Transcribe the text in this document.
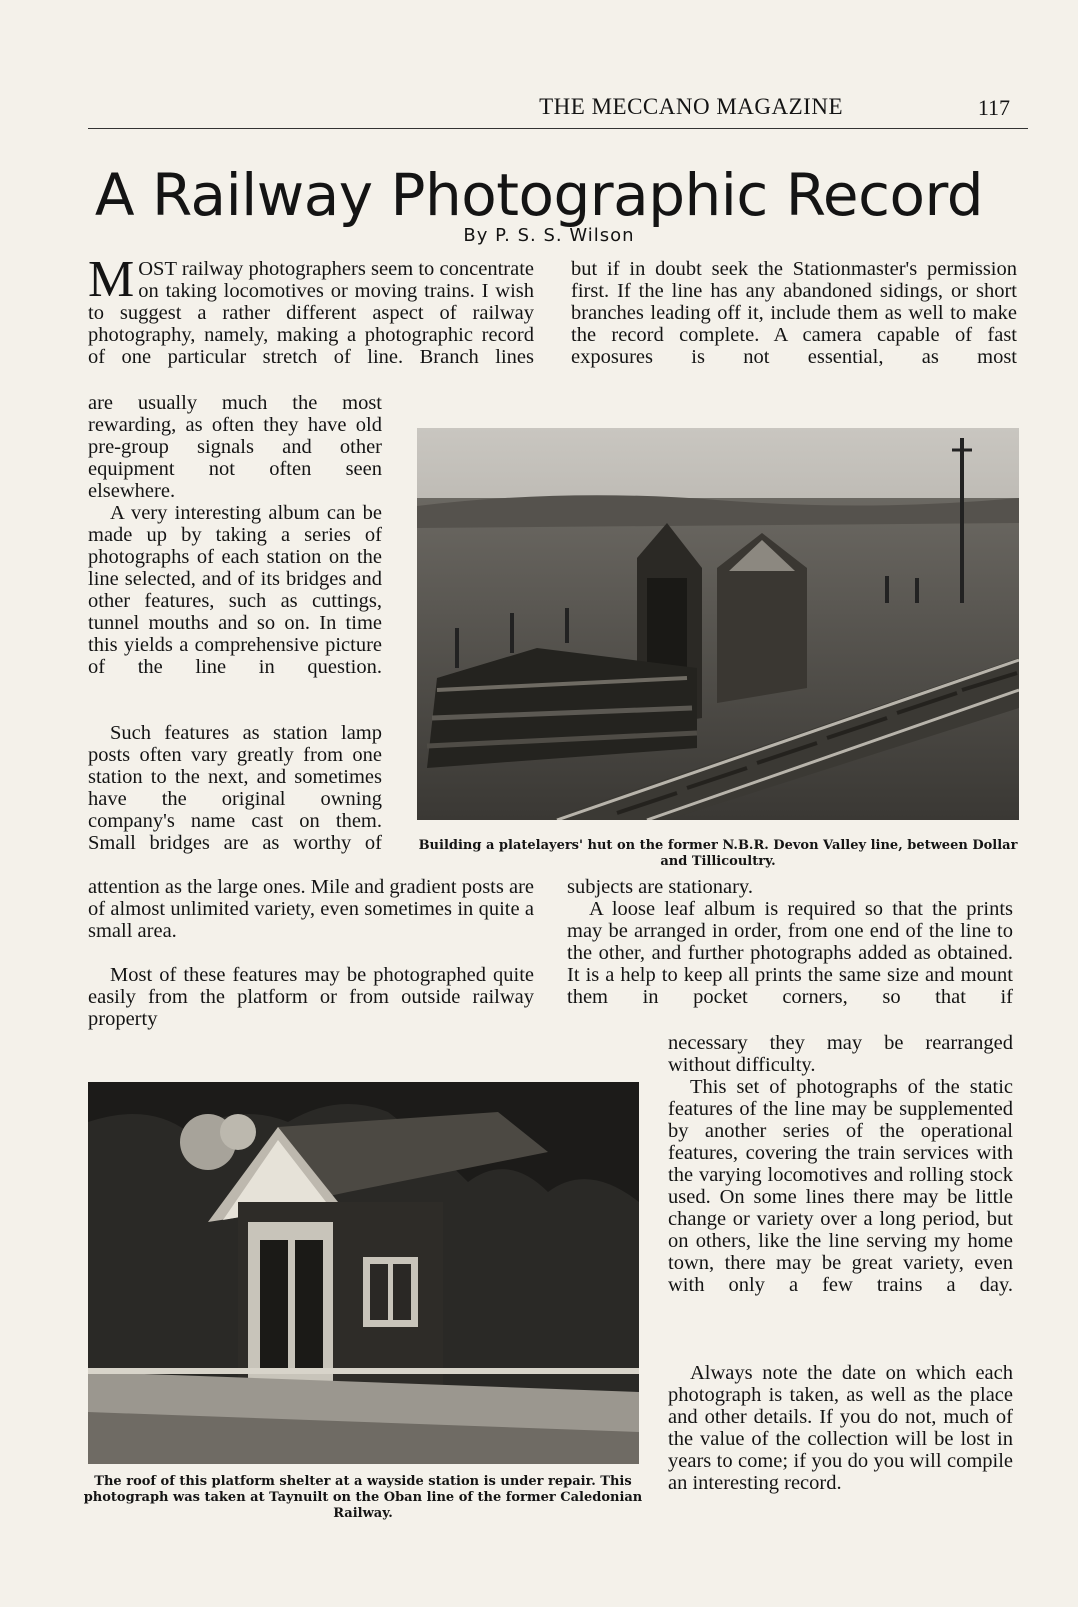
THE MECCANO MAGAZINE	117
A Railway Photographic Record
By P. S. S. Wilson

MOST railway photographers seem to concentrate on taking locomotives or moving trains. I wish to suggest a rather different aspect of railway photography, namely, making a photographic record of one particular stretch of line. Branch lines

are usually much the most rewarding, as often they have old pre-group signals and other equipment not often seen elsewhere.

A very interesting album can be made up by taking a series of photographs of each station on the line selected, and of its bridges and other features, such as cuttings, tunnel mouths and so on. In time this yields a comprehensive picture of the line in question.

Such features as station lamp posts often vary greatly from one station to the next, and sometimes have the original owning company's name cast on them. Small bridges are as worthy of

attention as the large ones. Mile and gradient posts are of almost unlimited variety, even sometimes in quite a small area.

Most of these features may be photographed quite easily from the platform or from outside railway property

but if in doubt seek the Stationmaster's permission first. If the line has any abandoned sidings, or short branches leading off it, include them as well to make the record complete. A camera capable of fast exposures is not essential, as most

subjects are stationary.

A loose leaf album is required so that the prints may be arranged in order, from one end of the line to the other, and further photographs added as obtained. It is a help to keep all prints the same size and mount them in pocket corners, so that if

necessary they may be rearranged without difficulty.

This set of photographs of the static features of the line may be supplemented by another series of the operational features, covering the train services with the varying locomotives and rolling stock used. On some lines there may be little change or variety over a long period, but on others, like the line serving my home town, there may be great variety, even with only a few trains a day.

Always note the date on which each photograph is taken, as well as the place and other details. If you do not, much of the value of the collection will be lost in years to come; if you do you will compile an interesting record.

Building a platelayers' hut on the former N.B.R. Devon Valley line, between Dollar and Tillicoultry.

The roof of this platform shelter at a wayside station is under repair. This photograph was taken at Taynuilt on the Oban line of the former Caledonian Railway.
